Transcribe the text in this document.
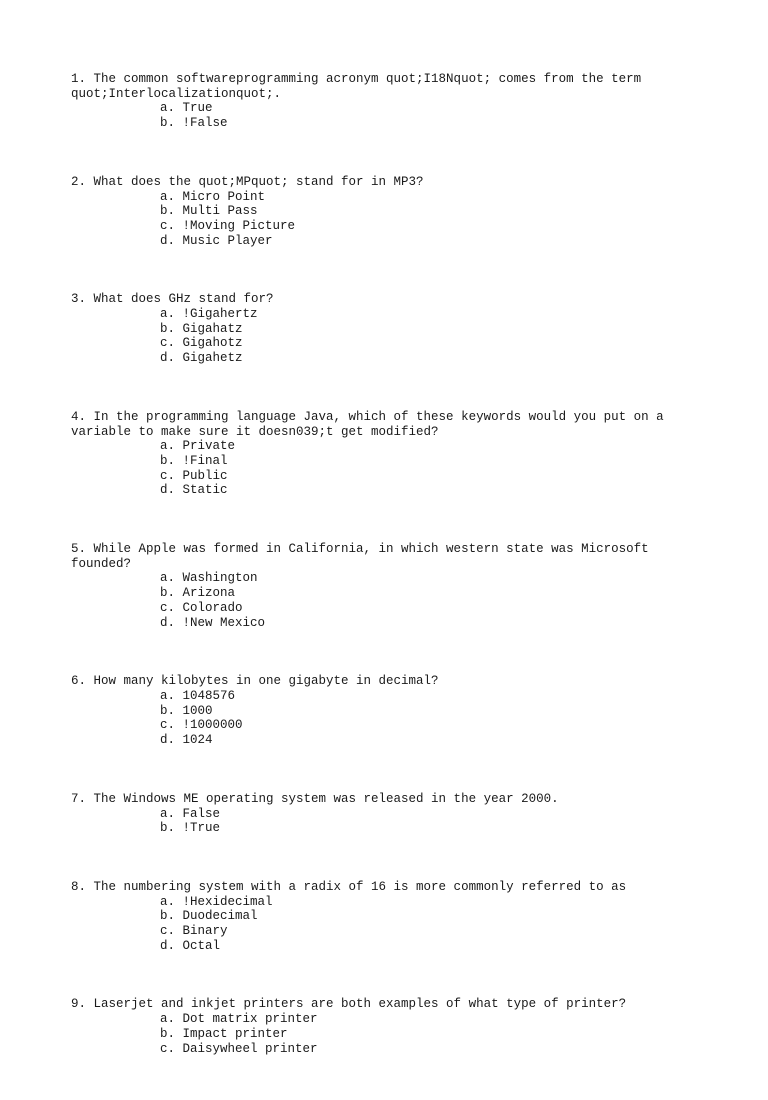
1. The common softwareprogramming acronym quot;I18Nquot; comes from the term quot;Interlocalizationquot;.

a. True
b. !False

2. What does the quot;MPquot; stand for in MP3?

a. Micro Point
b. Multi Pass
c. !Moving Picture
d. Music Player

3. What does GHz stand for?

a. !Gigahertz
b. Gigahatz
c. Gigahotz
d. Gigahetz

4. In the programming language Java, which of these keywords would you put on a variable to make sure it doesn039;t get modified?

a. Private
b. !Final
c. Public
d. Static

5. While Apple was formed in California, in which western state was Microsoft founded?

a. Washington
b. Arizona
c. Colorado
d. !New Mexico

6. How many kilobytes in one gigabyte in decimal?

a. 1048576
b. 1000
c. !1000000
d. 1024

7. The Windows ME operating system was released in the year 2000.

a. False
b. !True

8. The numbering system with a radix of 16 is more commonly referred to as

a. !Hexidecimal
b. Duodecimal
c. Binary
d. Octal

9. Laserjet and inkjet printers are both examples of what type of printer?

a. Dot matrix printer
b. Impact printer
c. Daisywheel printer
